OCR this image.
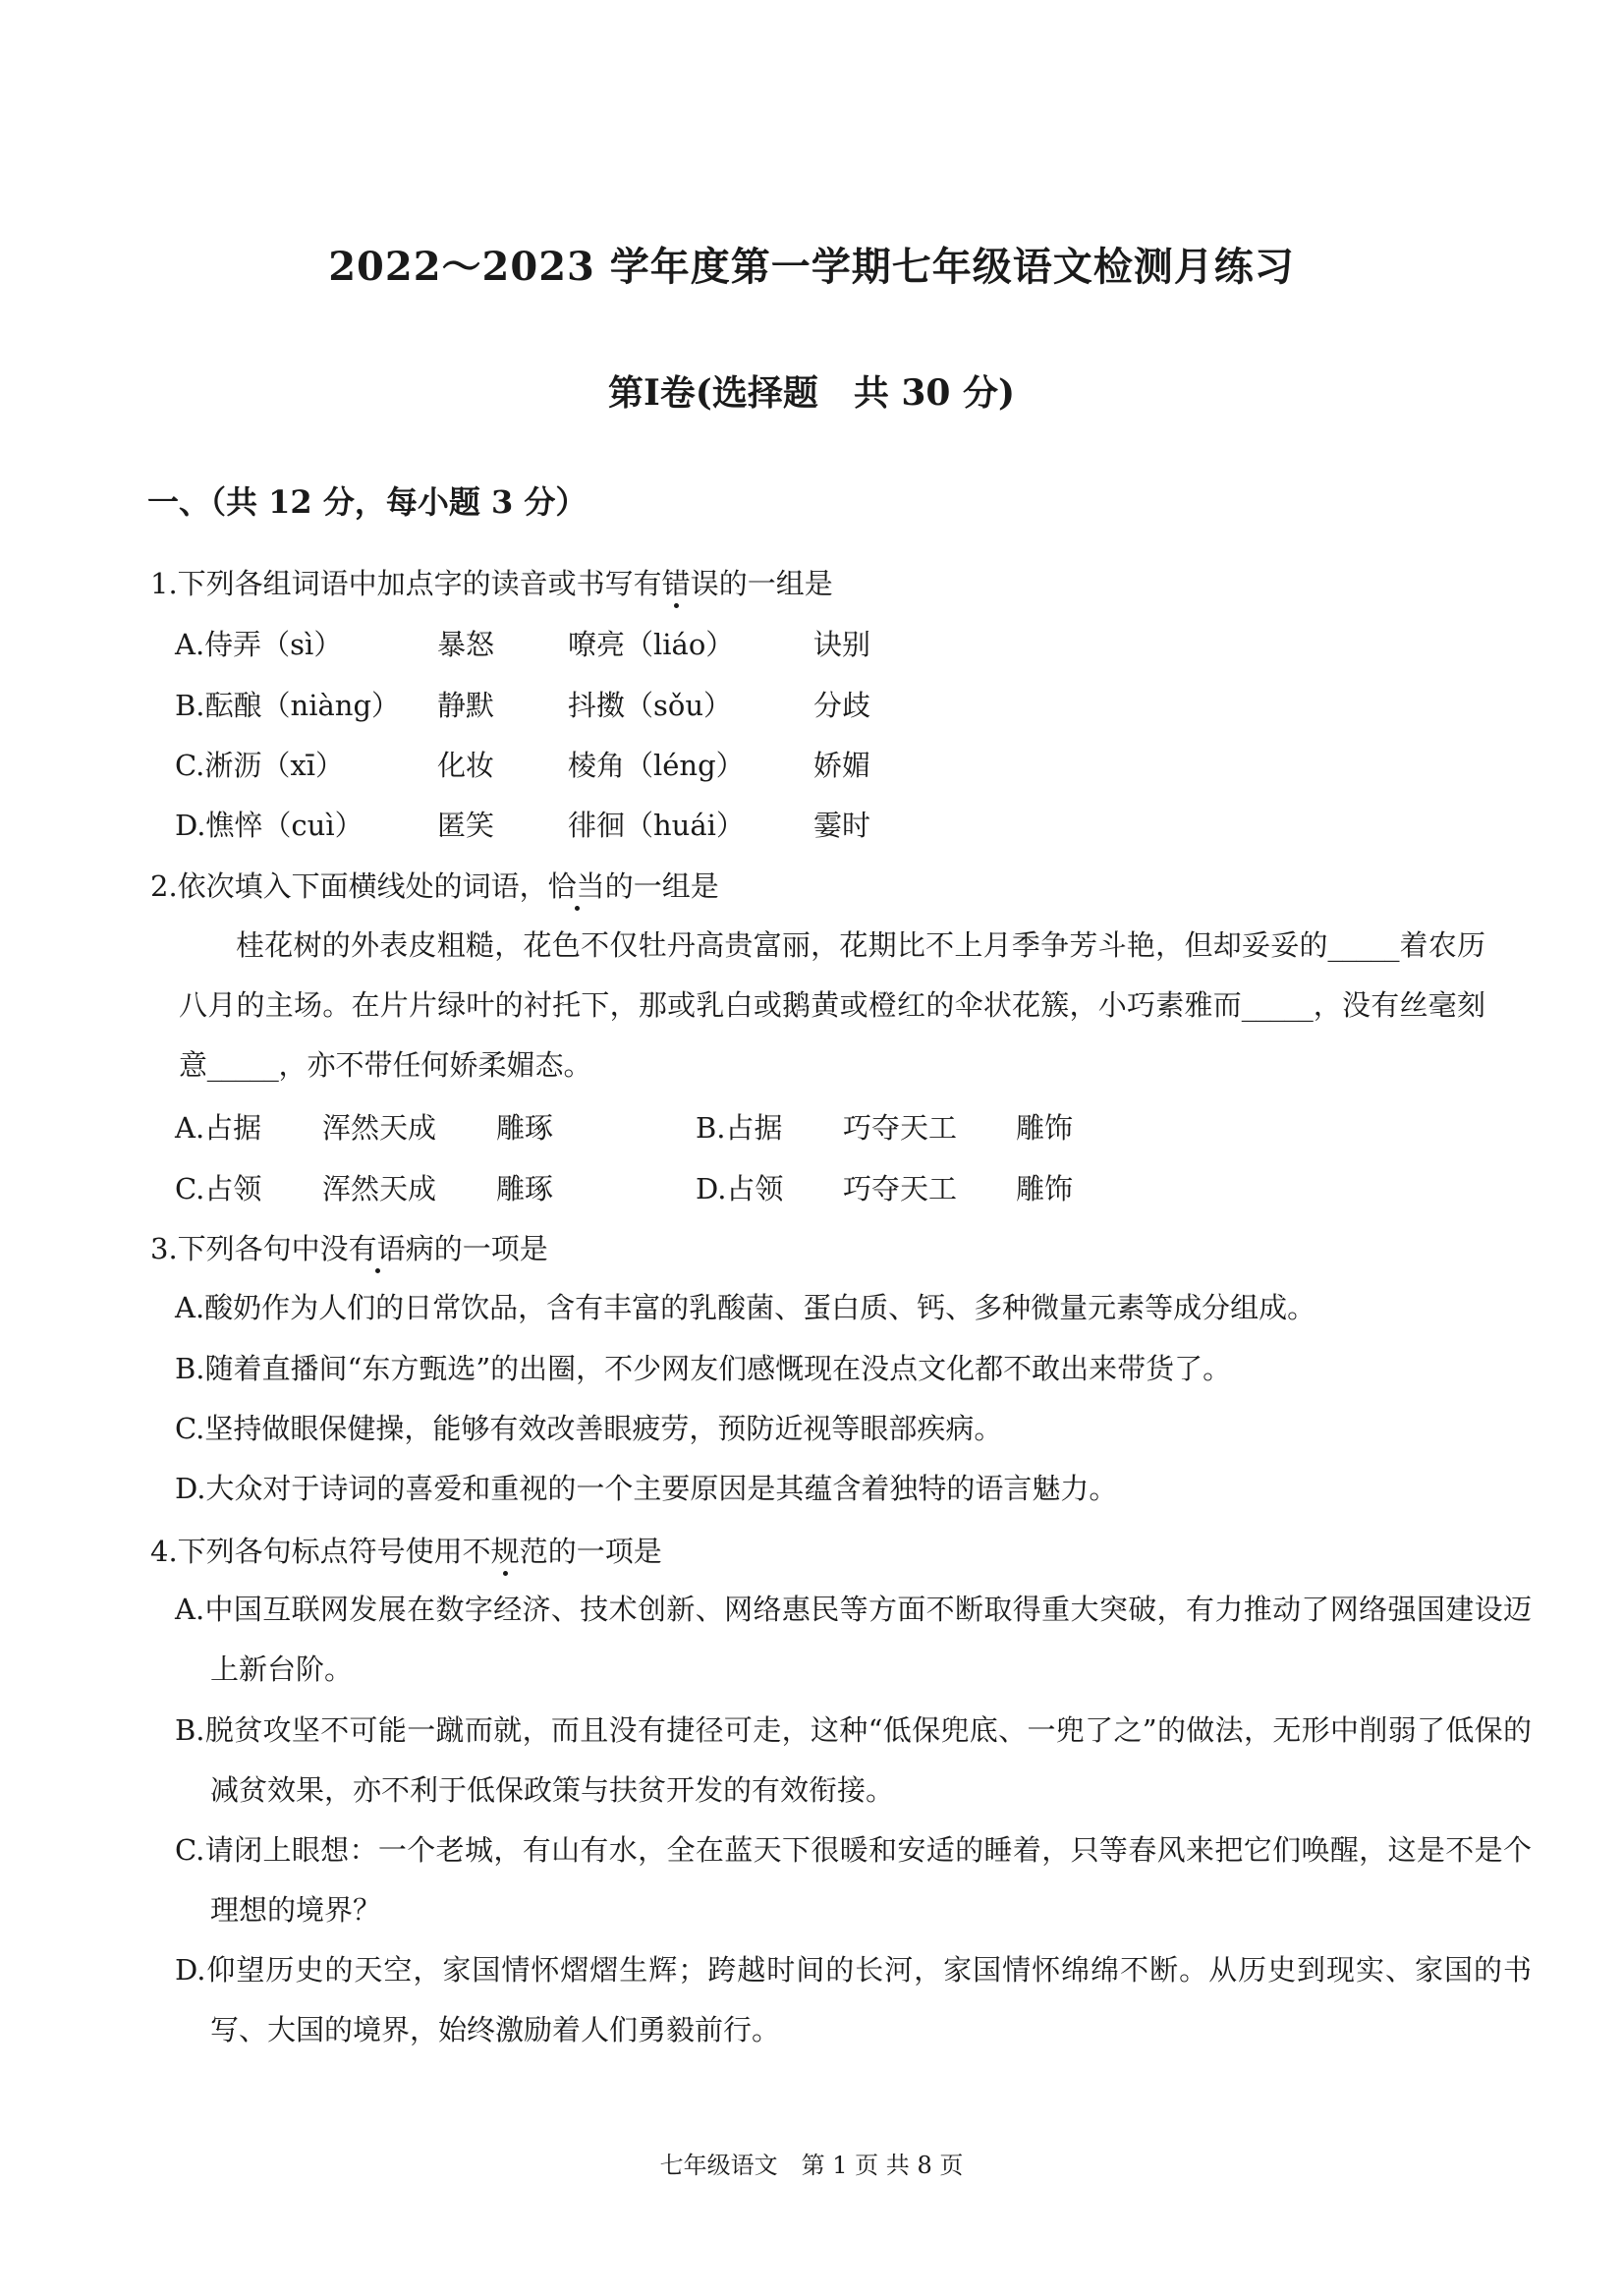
2022～2023 学年度第一学期七年级语文检测月练习
第Ⅰ卷(选择题　共 30 分)
一、（共 12 分，每小题 3 分）
1.下列各组词语中加点字的读音或书写有错误的一组是
A.侍弄（sì）	暴怒	嘹亮（liáo）	诀别
B.酝酿（niàng） 静默	抖擞（sǒu）	分歧
C.淅沥（xī）	化妆	棱角（léng） 娇媚
D.憔悴（cuì）	匿笑	徘徊（huái） 霎时
2.依次填入下面横线处的词语，恰当的一组是
桂花树的外表皮粗糙，花色不仅牡丹高贵富丽，花期比不上月季争芳斗艳，但却妥妥的_____着农历八月的主场。在片片绿叶的衬托下，那或乳白或鹅黄或橙红的伞状花簇，小巧素雅而_____，没有丝毫刻意_____，亦不带任何娇柔媚态。
A.占据 浑然天成 雕琢	B.占据 巧夺天工 雕饰
C.占领 浑然天成 雕琢	D.占领 巧夺天工 雕饰
3.下列各句中没有语病的一项是
A.酸奶作为人们的日常饮品，含有丰富的乳酸菌、蛋白质、钙、多种微量元素等成分组成。
B.随着直播间“东方甄选”的出圈，不少网友们感慨现在没点文化都不敢出来带货了。
C.坚持做眼保健操，能够有效改善眼疲劳，预防近视等眼部疾病。
D.大众对于诗词的喜爱和重视的一个主要原因是其蕴含着独特的语言魅力。
4.下列各句标点符号使用不规范的一项是
A.中国互联网发展在数字经济、技术创新、网络惠民等方面不断取得重大突破，有力推动了网络强国建设迈上新台阶。
B.脱贫攻坚不可能一蹴而就，而且没有捷径可走，这种“低保兜底、一兜了之”的做法，无形中削弱了低保的减贫效果，亦不利于低保政策与扶贫开发的有效衔接。
C.请闭上眼想：一个老城，有山有水，全在蓝天下很暖和安适的睡着，只等春风来把它们唤醒，这是不是个理想的境界？
D.仰望历史的天空，家国情怀熠熠生辉；跨越时间的长河，家国情怀绵绵不断。从历史到现实、家国的书写、大国的境界，始终激励着人们勇毅前行。
七年级语文　第 1 页 共 8 页
